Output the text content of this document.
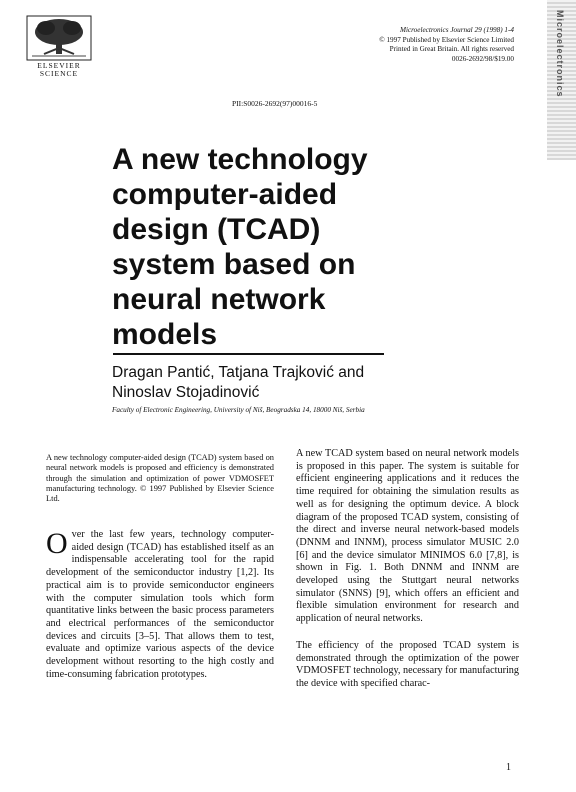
ELSEVIER
SCIENCE
Microelectronics Journal 29 (1998) 1-4
© 1997 Published by Elsevier Science Limited
Printed in Great Britain. All rights reserved
0026-2692/98/$19.00	Microelectronics
PII:S0026-2692(97)00016-5
A new technology computer-aided design (TCAD) system based on neural network models
Dragan Pantić, Tatjana Trajković and Ninoslav Stojadinović
Faculty of Electronic Engineering, University of Niš, Beogradska 14, 18000 Niš, Serbia
A new technology computer-aided design (TCAD) system based on neural network models is proposed and efficiency is demonstrated through the simulation and optimization of power VDMOSFET manufacturing technology. © 1997 Published by Elsevier Science Ltd.
O ver the last few years, technology computer-aided design (TCAD) has established itself as an indispensable accelerating tool for the rapid development of the semiconductor industry [1,2]. Its practical aim is to provide semiconductor engineers with the computer simulation tools which form quantitative links between the basic process parameters and electrical performances of the semiconductor devices and circuits [3–5]. That allows them to test, evaluate and optimize various aspects of the device development without resorting to the high costly and time-consuming fabrication prototypes.

A new TCAD system based on neural network models is proposed in this paper. The system is suitable for efficient engineering applications and it reduces the time required for obtaining the simulation results as well as for designing the optimum device. A block diagram of the proposed TCAD system, consisting of the direct and inverse neural network-based models (DNNM and INNM), process simulator MUSIC 2.0 [6] and the device simulator MINIMOS 6.0 [7,8], is shown in Fig. 1. Both DNNM and INNM are developed using the Stuttgart neural networks simulator (SNNS) [9], which offers an efficient and flexible simulation environment for research and application of neural networks.

The efficiency of the proposed TCAD system is demonstrated through the optimization of the power VDMOSFET technology, necessary for manufacturing the device with specified charac-

1
